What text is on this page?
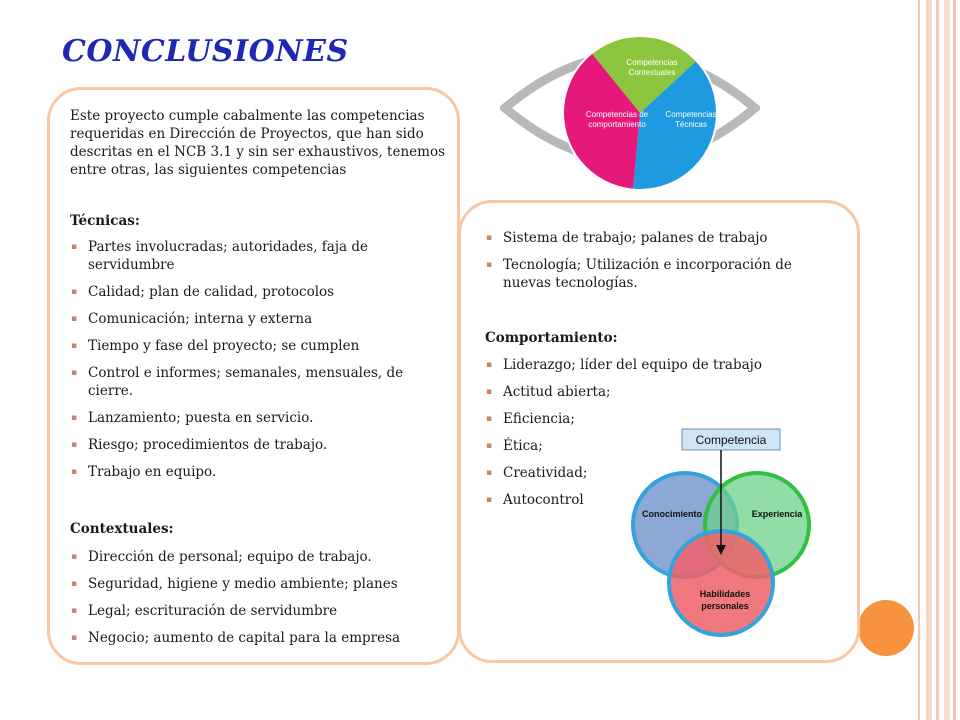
CONCLUSIONES
Este proyecto cumple cabalmente las competencias requeridas en Dirección de Proyectos, que han sido descritas en el NCB 3.1 y sin ser exhaustivos, tenemos entre otras, las siguientes competencias
Técnicas:
▪ Partes involucradas; autoridades, faja de servidumbre
▪ Calidad; plan de calidad, protocolos
▪ Comunicación; interna y externa
▪ Tiempo y fase del proyecto; se cumplen
▪ Control e informes; semanales, mensuales, de cierre.
▪ Lanzamiento; puesta en servicio.
▪ Riesgo; procedimientos de trabajo.
▪ Trabajo en equipo.
Contextuales:
▪ Dirección de personal; equipo de trabajo.
▪ Seguridad, higiene y medio ambiente; planes
▪ Legal; escrituración de servidumbre
▪ Negocio; aumento de capital para la empresa
▪ Sistema de trabajo; palanes de trabajo
▪ Tecnología; Utilización e incorporación de nuevas tecnologías.
Comportamiento:
▪ Liderazgo; líder del equipo de trabajo
▪ Actitud abierta;
▪ Eficiencia;
▪ Ética;
▪ Creatividad;
▪ Autocontrol
Competencias
Contextuales
Competencias de
comportamiento
Competencias
Técnicas
Competencia
Conocimiento	Experiencia
Habilidades
personales
